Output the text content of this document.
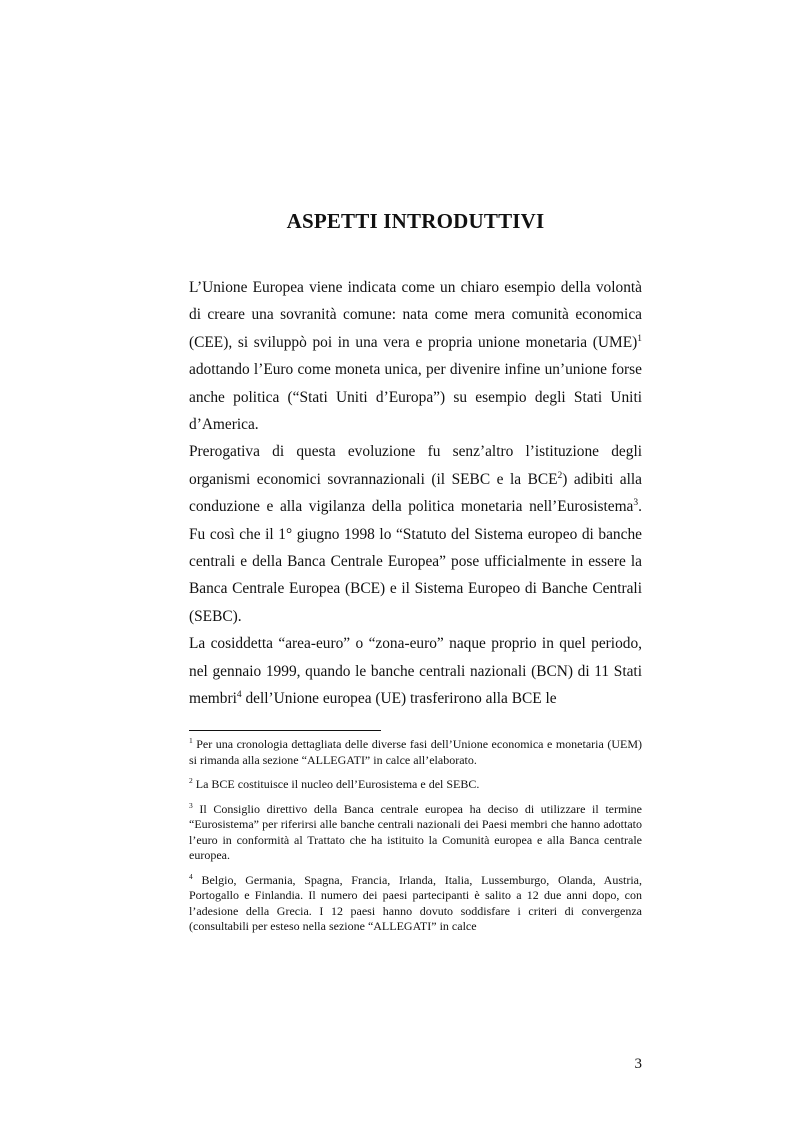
ASPETTI INTRODUTTIVI

L’Unione Europea viene indicata come un chiaro esempio della volontà di creare una sovranità comune: nata come mera comunità economica (CEE), si sviluppò poi in una vera e propria unione monetaria (UME)$^1$ adottando l’Euro come moneta unica, per divenire infine un’unione forse anche politica (“Stati Uniti d’Europa”) su esempio degli Stati Uniti d’America.

Prerogativa di questa evoluzione fu senz’altro l’istituzione degli organismi economici sovrannazionali (il SEBC e la BCE$^2$) adibiti alla conduzione e alla vigilanza della politica monetaria nell’Eurosistema$^3$. Fu così che il 1° giugno 1998 lo “Statuto del Sistema europeo di banche centrali e della Banca Centrale Europea” pose ufficialmente in essere la Banca Centrale Europea (BCE) e il Sistema Europeo di Banche Centrali (SEBC).

La cosiddetta “area-euro” o “zona-euro” naque proprio in quel periodo, nel gennaio 1999, quando le banche centrali nazionali (BCN) di 11 Stati membri$^4$ dell’Unione europea (UE) trasferirono alla BCE le

$^1$ Per una cronologia dettagliata delle diverse fasi dell’Unione economica e monetaria (UEM) si rimanda alla sezione “ALLEGATI” in calce all’elaborato.

$^2$ La BCE costituisce il nucleo dell’Eurosistema e del SEBC.

$^3$ Il Consiglio direttivo della Banca centrale europea ha deciso di utilizzare il termine “Eurosistema” per riferirsi alle banche centrali nazionali dei Paesi membri che hanno adottato l’euro in conformità al Trattato che ha istituito la Comunità europea e alla Banca centrale europea.

$^4$ Belgio, Germania, Spagna, Francia, Irlanda, Italia, Lussemburgo, Olanda, Austria, Portogallo e Finlandia. Il numero dei paesi partecipanti è salito a 12 due anni dopo, con l’adesione della Grecia. I 12 paesi hanno dovuto soddisfare i criteri di convergenza (consultabili per esteso nella sezione “ALLEGATI” in calce

3
